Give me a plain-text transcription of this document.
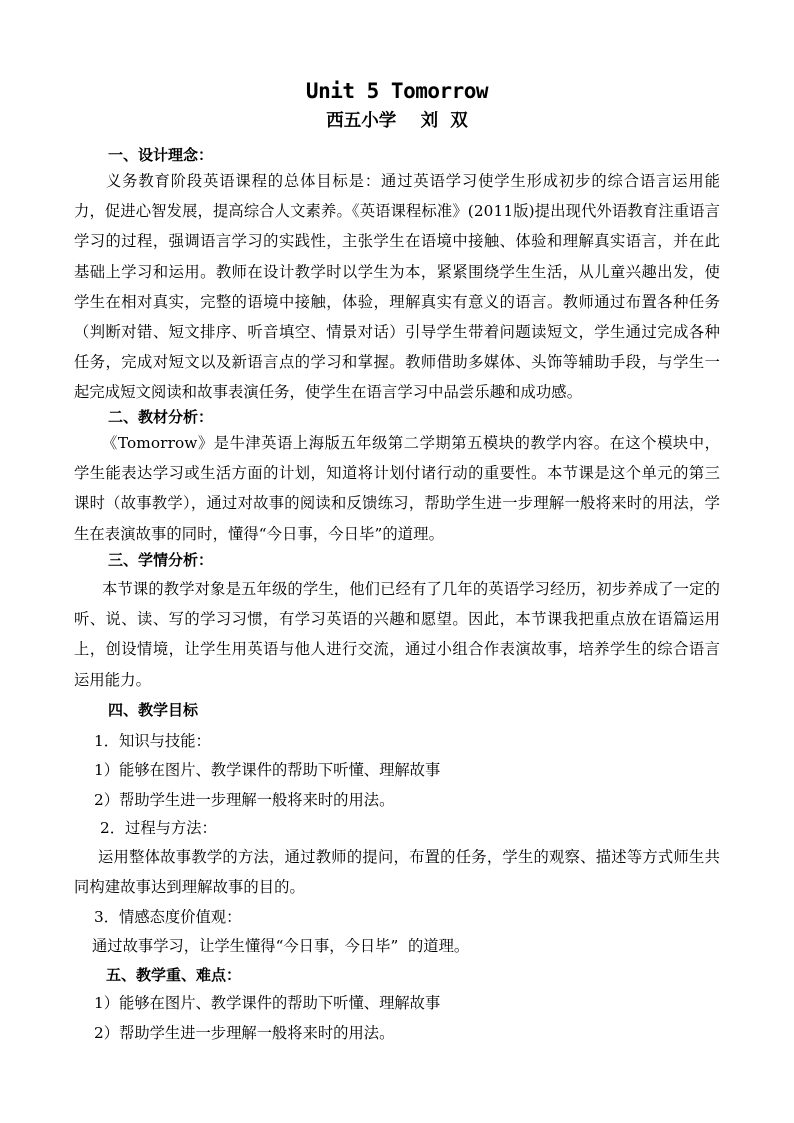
Unit 5 Tomorrow
西五小学    刘  双
一、设计理念：
义务教育阶段英语课程的总体目标是：通过英语学习使学生形成初步的综合语言运用能力，促进心智发展，提高综合人文素养。《英语课程标准》(2011版)提出现代外语教育注重语言学习的过程，强调语言学习的实践性，主张学生在语境中接触、体验和理解真实语言，并在此基础上学习和运用。教师在设计教学时以学生为本，紧紧围绕学生生活，从儿童兴趣出发，使学生在相对真实，完整的语境中接触，体验，理解真实有意义的语言。教师通过布置各种任务（判断对错、短文排序、听音填空、情景对话）引导学生带着问题读短文，学生通过完成各种任务，完成对短文以及新语言点的学习和掌握。教师借助多媒体、头饰等辅助手段，与学生一起完成短文阅读和故事表演任务，使学生在语言学习中品尝乐趣和成功感。
二、教材分析：
《Tomorrow》是牛津英语上海版五年级第二学期第五模块的教学内容。在这个模块中，学生能表达学习或生活方面的计划，知道将计划付诸行动的重要性。本节课是这个单元的第三课时（故事教学），通过对故事的阅读和反馈练习，帮助学生进一步理解一般将来时的用法，学生在表演故事的同时，懂得“今日事，今日毕”的道理。
三、学情分析：
本节课的教学对象是五年级的学生，他们已经有了几年的英语学习经历，初步养成了一定的听、说、读、写的学习习惯，有学习英语的兴趣和愿望。因此，本节课我把重点放在语篇运用上，创设情境，让学生用英语与他人进行交流，通过小组合作表演故事，培养学生的综合语言运用能力。
四、教学目标
1．知识与技能：
1）能够在图片、教学课件的帮助下听懂、理解故事
2）帮助学生进一步理解一般将来时的用法。
2．过程与方法：
运用整体故事教学的方法，通过教师的提问，布置的任务，学生的观察、描述等方式师生共同构建故事达到理解故事的目的。
3．情感态度价值观：
通过故事学习，让学生懂得“今日事，今日毕”  的道理。
五、教学重、难点：
1）能够在图片、教学课件的帮助下听懂、理解故事
2）帮助学生进一步理解一般将来时的用法。
